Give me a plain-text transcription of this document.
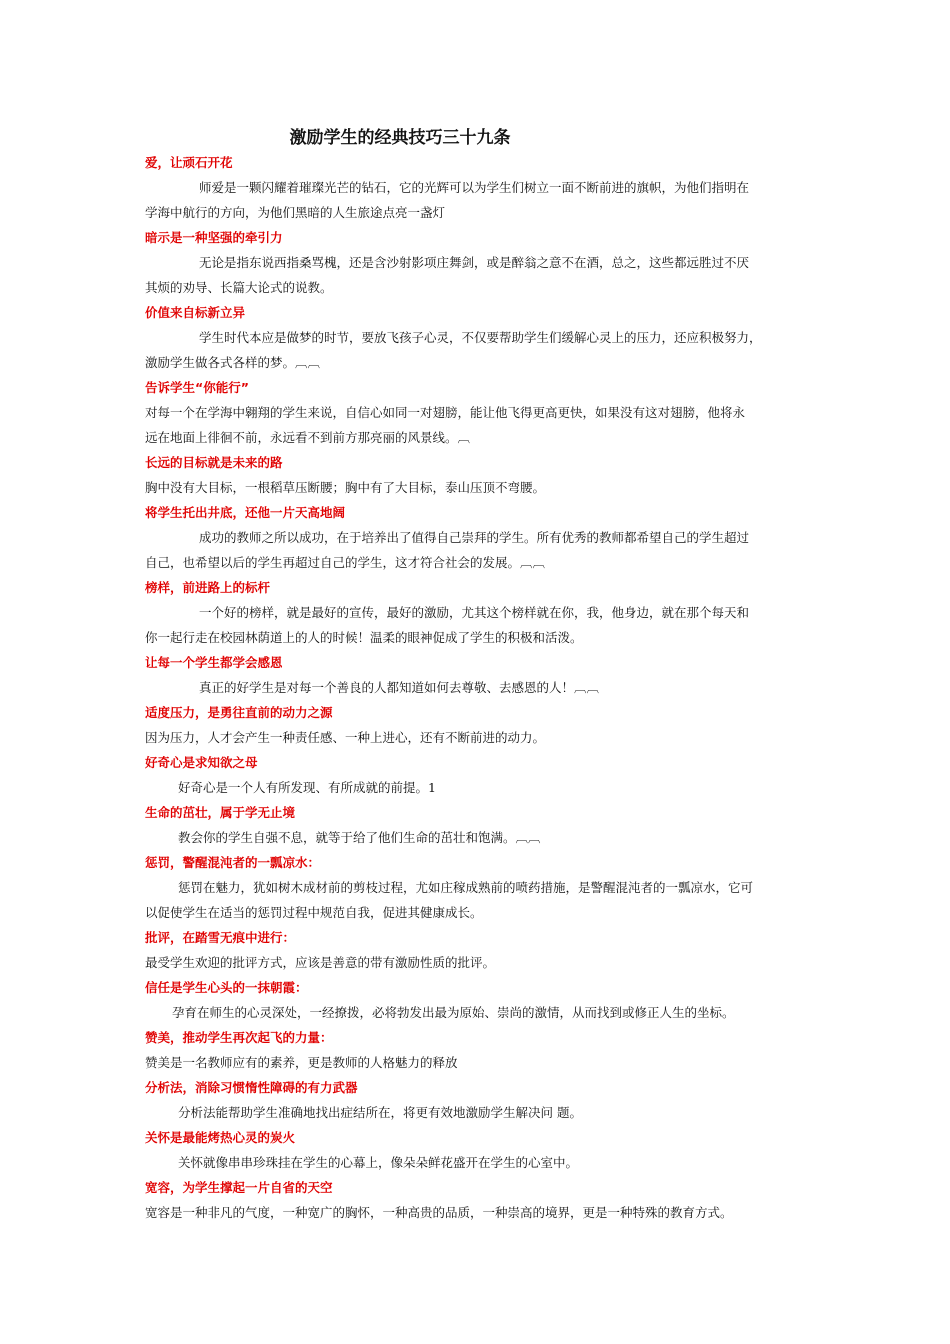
激励学生的经典技巧三十九条
爱，让顽石开花
师爱是一颗闪耀着璀璨光芒的钻石，它的光辉可以为学生们树立一面不断前进的旗帜，为他们指明在
学海中航行的方向，为他们黑暗的人生旅途点亮一盏灯
暗示是一种坚强的牵引力
无论是指东说西指桑骂槐，还是含沙射影项庄舞剑，或是醉翁之意不在酒，总之，这些都远胜过不厌
其烦的劝导、长篇大论式的说教。
价值来自标新立异
学生时代本应是做梦的时节，要放飞孩子心灵，不仅要帮助学生们缓解心灵上的压力，还应积极努力，
激励学生做各式各样的梦。︹︹
告诉学生“你能行”
对每一个在学海中翱翔的学生来说，自信心如同一对翅膀，能让他飞得更高更快，如果没有这对翅膀，他将永
远在地面上徘徊不前，永远看不到前方那亮丽的风景线。︹
长远的目标就是未来的路
胸中没有大目标，一根稻草压断腰；胸中有了大目标，泰山压顶不弯腰。
将学生托出井底，还他一片天高地阔
成功的教师之所以成功，在于培养出了值得自己崇拜的学生。所有优秀的教师都希望自己的学生超过
自己，也希望以后的学生再超过自己的学生，这才符合社会的发展。︹︹
榜样，前进路上的标杆
一个好的榜样，就是最好的宣传，最好的激励，尤其这个榜样就在你，我，他身边，就在那个每天和
你一起行走在校园林荫道上的人的时候！温柔的眼神促成了学生的积极和活泼。
让每一个学生都学会感恩
真正的好学生是对每一个善良的人都知道如何去尊敬、去感恩的人！︹︹
适度压力，是勇往直前的动力之源
因为压力，人才会产生一种责任感、一种上进心，还有不断前进的动力。
好奇心是求知欲之母
好奇心是一个人有所发现、有所成就的前提。1
生命的茁壮，属于学无止境
教会你的学生自强不息，就等于给了他们生命的茁壮和饱满。︹︹
惩罚，警醒混沌者的一瓢凉水：
惩罚在魅力，犹如树木成材前的剪枝过程，尤如庄稼成熟前的喷药措施，是警醒混沌者的一瓢凉水，它可
以促使学生在适当的惩罚过程中规范自我，促进其健康成长。
批评，在踏雪无痕中进行：
最受学生欢迎的批评方式，应该是善意的带有激励性质的批评。
信任是学生心头的一抹朝霞：
孕育在师生的心灵深处，一经撩拨，必将勃发出最为原始、崇尚的激情，从而找到或修正人生的坐标。
赞美，推动学生再次起飞的力量：
赞美是一名教师应有的素养，更是教师的人格魅力的释放
分析法，消除习惯惰性障碍的有力武器
分析法能帮助学生准确地找出症结所在，将更有效地激励学生解决问 题。
关怀是最能烤热心灵的炭火
关怀就像串串珍珠挂在学生的心幕上，像朵朵鲜花盛开在学生的心室中。
宽容，为学生撑起一片自省的天空
宽容是一种非凡的气度，一种宽广的胸怀，一种高贵的品质，一种崇高的境界，更是一种特殊的教育方式。
